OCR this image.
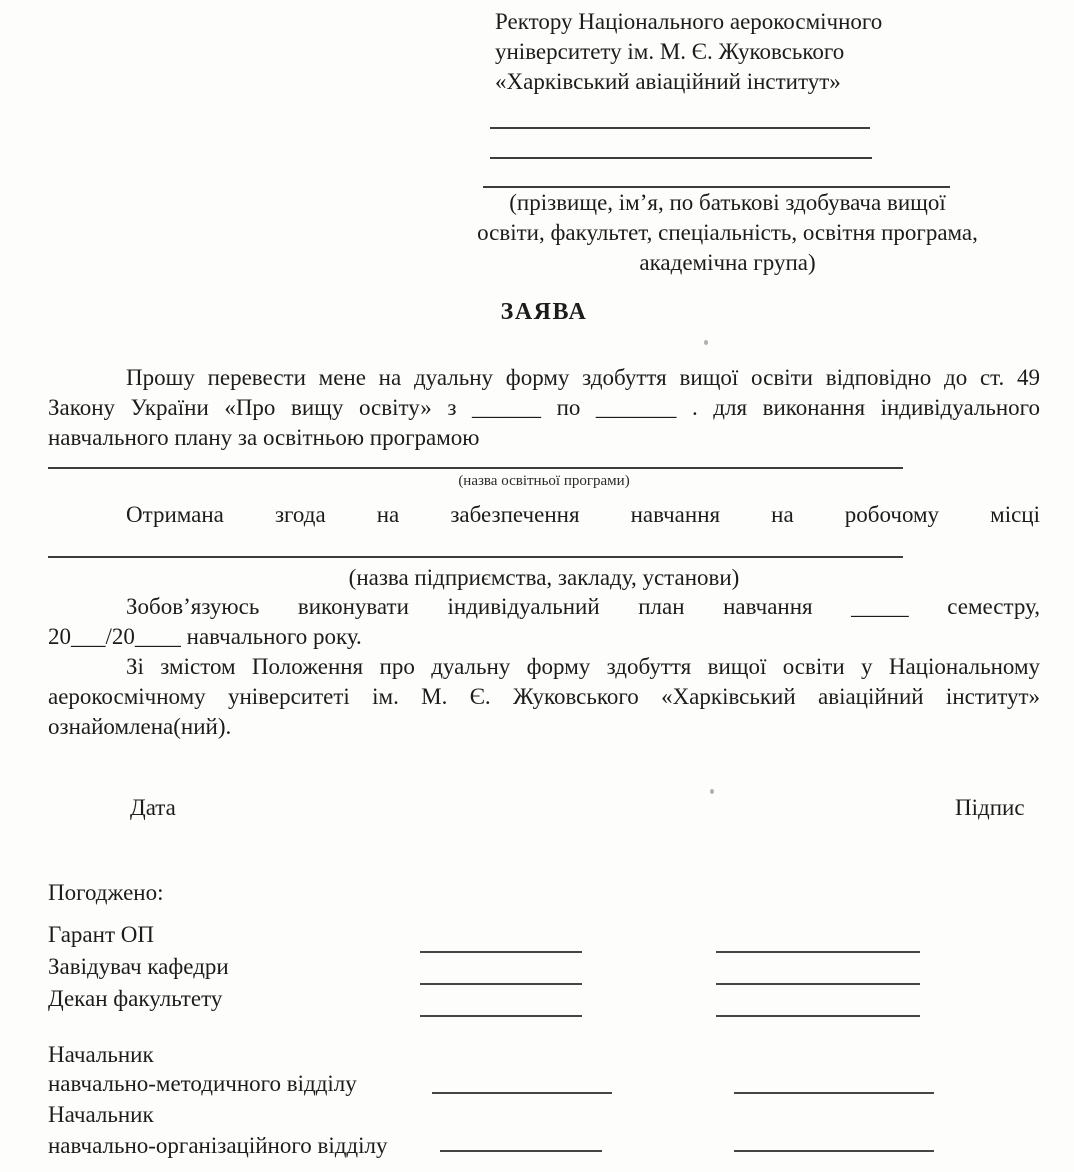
Ректору Національного аерокосмічного
університету ім. М. Є. Жуковського
«Харківський авіаційний інститут»
(прізвище, ім’я, по батькові здобувача вищої
освіти, факультет, спеціальність, освітня програма,
академічна група)
ЗАЯВА
Прошу перевести мене на дуальну форму здобуття вищої освіти відповідно до ст. 49
Закону України «Про вищу освіту» з ______ по _______ . для виконання індивідуального
навчального плану за освітньою програмою
(назва освітньої програми)
Отримана згода на забезпечення навчання на робочому місці
(назва підприємства, закладу, установи)
Зобов’язуюсь виконувати індивідуальний план навчання _____ семестру,
20___/20____ навчального року.
Зі змістом Положення про дуальну форму здобуття вищої освіти у Національному
аерокосмічному університеті ім. М. Є. Жуковського «Харківський авіаційний інститут»
ознайомлена(ний).
Дата	Підпис
Погоджено:
Гарант ОП
Завідувач кафедри
Декан факультету
Начальник
навчально-методичного відділу
Начальник
навчально-організаційного відділу
